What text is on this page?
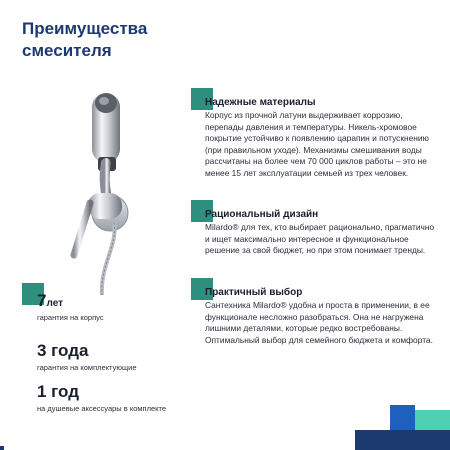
Преимущества
смесителя
Надежные материалы

Корпус из прочной латуни выдерживает коррозию, перепады давления и температуры. Никель-хромовое покрытие устойчиво к появлению царапин и потускнению (при правильном уходе). Механизмы смешивания воды рассчитаны на более чем 70 000 циклов работы – это не менее 15 лет эксплуатации семьей из трех человек.

Рациональный дизайн

Milardo® для тех, кто выбирает рационально, прагматично и ищет максимально интересное и функциональное решение за свой бюджет, но при этом понимает тренды.

Практичный выбор

Сантехника Milardo® удобна и проста в применении, в ее функционале несложно разобраться. Она не нагружена лишними деталями, которые редко востребованы. Оптимальный выбор для семейного бюджета и комфорта.

7лет
гарантия на корпус
3 года
гарантия на комплектующие
1 год
на душевые аксессуары в комплекте
